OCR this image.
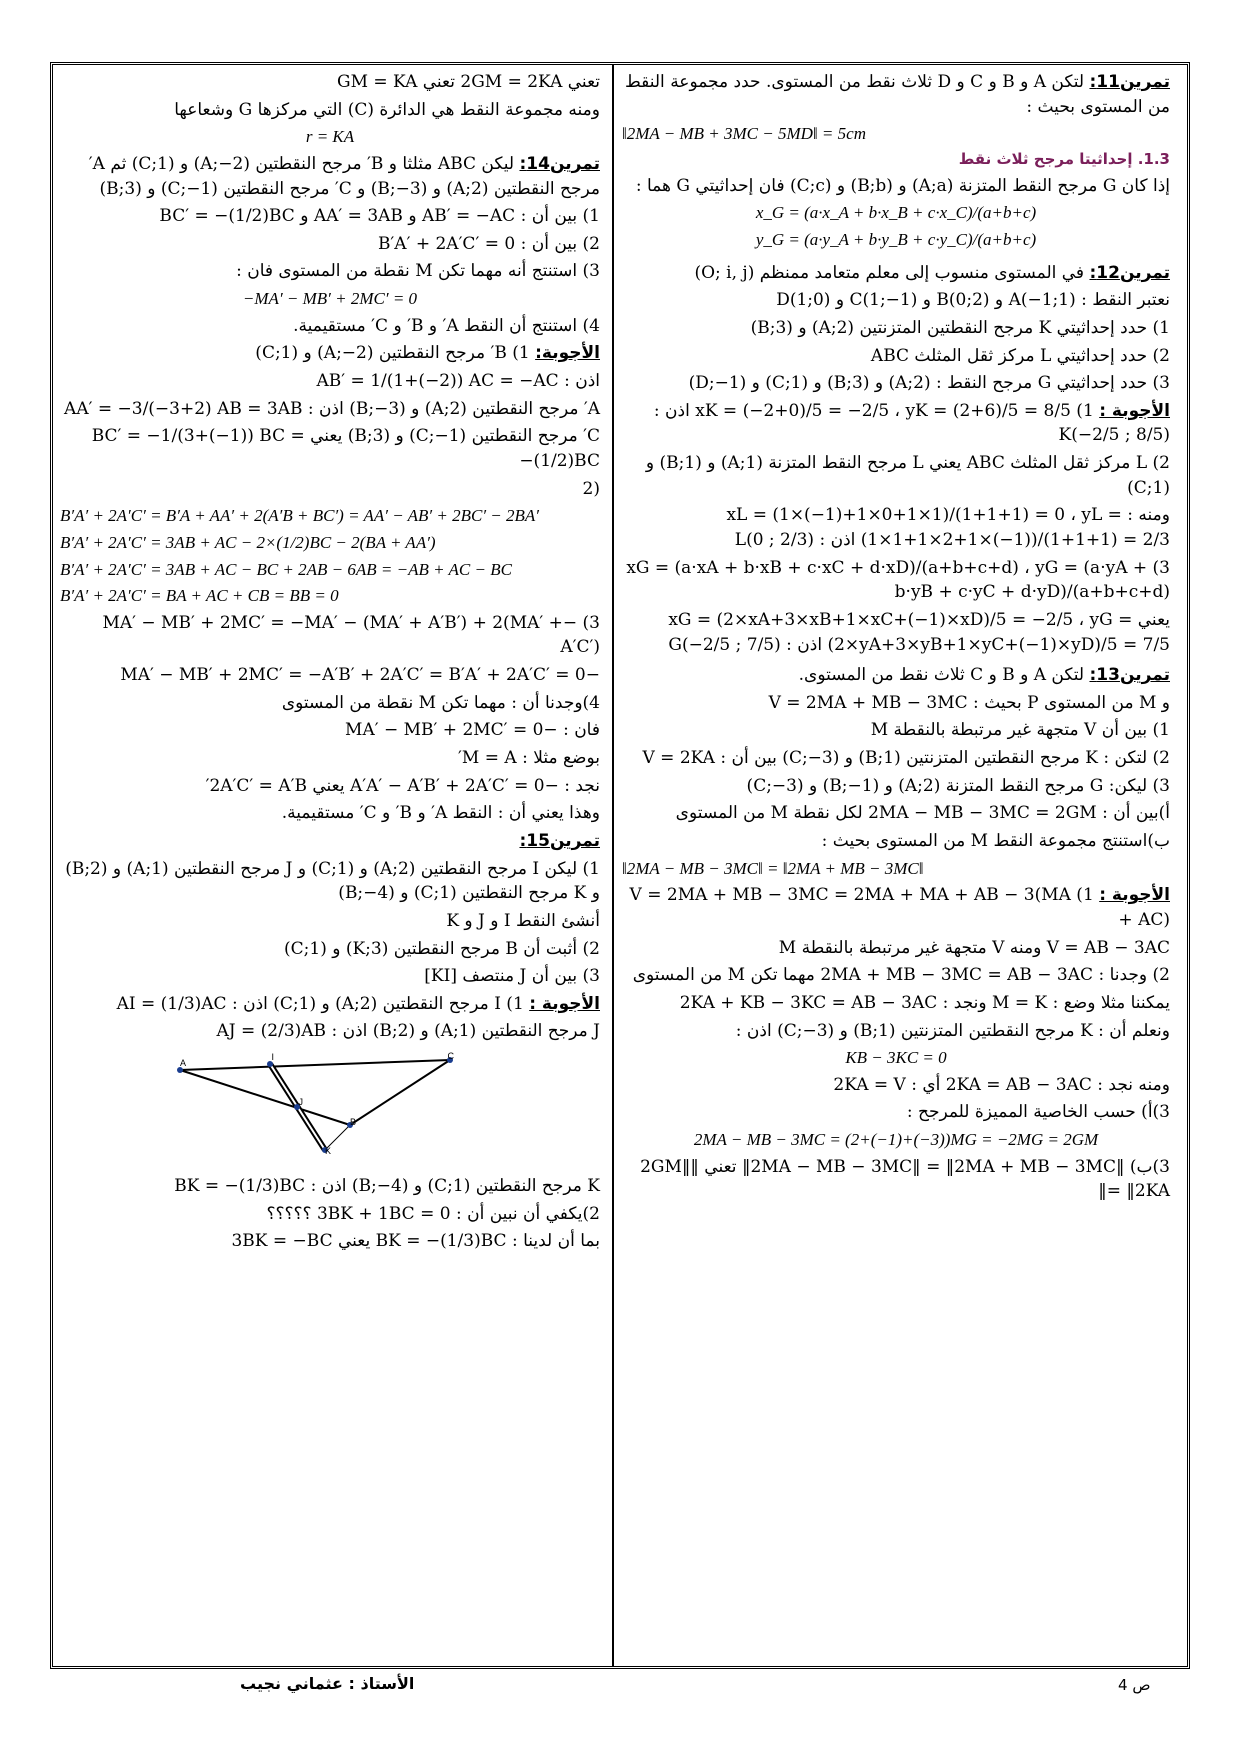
تمرين11: لتكن A و B و C و D ثلاث نقط من المستوى. حدد مجموعة النقط من المستوى بحيث :

‖2MA − MB + 3MC − 5MD‖ = 5cm

1.3. إحداثيتا مرجح ثلاث نقط

إذا كان G مرجح النقط المتزنة (A;a) و (B;b) و (C;c) فان إحداثيتي G هما :

x_G = (a·x_A + b·x_B + c·x_C)/(a+b+c)
y_G = (a·y_A + b·y_B + c·y_C)/(a+b+c)

تمرين12: في المستوى منسوب إلى معلم متعامد ممنظم (O; i, j)

نعتبر النقط : A(−1;1) و B(0;2) و C(1;−1) و D(1;0)

1) حدد إحداثيتي K مرجح النقطتين المتزنتين (A;2) و (B;3)

2) حدد إحداثيتي L مركز ثقل المثلث ABC

3) حدد إحداثيتي G مرجح النقط : (A;2) و (B;3) و (C;1) و (D;−1)

الأجوبة : 1) xK = (−2+0)/5 = −2/5 ، yK = (2+6)/5 = 8/5 اذن : K(−2/5 ; 8/5)

2) L مركز ثقل المثلث ABC يعني L مرجح النقط المتزنة (A;1) و (B;1) و (C;1)

ومنه : xL = (1×(−1)+1×0+1×1)/(1+1+1) = 0 ، yL = (1×1+1×2+1×(−1))/(1+1+1) = 2/3 اذن : L(0 ; 2/3)

3) xG = (a·xA + b·xB + c·xC + d·xD)/(a+b+c+d) ، yG = (a·yA + b·yB + c·yC + d·yD)/(a+b+c+d)

يعني xG = (2×xA+3×xB+1×xC+(−1)×xD)/5 = −2/5 ، yG = (2×yA+3×yB+1×yC+(−1)×yD)/5 = 7/5 اذن : G(−2/5 ; 7/5)

تمرين13: لتكن A و B و C ثلاث نقط من المستوى.

و M من المستوى P بحيث : V = 2MA + MB − 3MC

1) بين أن V متجهة غير مرتبطة بالنقطة M

2) لتكن : K مرجح النقطتين المتزنتين (B;1) و (C;−3) بين أن : V = 2KA

3) ليكن: G مرجح النقط المتزنة (A;2) و (B;−1) و (C;−3)

أ)بين أن : 2MA − MB − 3MC = 2GM لكل نقطة M من المستوى

ب)استنتج مجموعة النقط M من المستوى بحيث :

‖2MA − MB − 3MC‖ = ‖2MA + MB − 3MC‖

الأجوبة : 1) V = 2MA + MB − 3MC = 2MA + MA + AB − 3(MA + AC)

V = AB − 3AC ومنه V متجهة غير مرتبطة بالنقطة M

2) وجدنا : 2MA + MB − 3MC = AB − 3AC مهما تكن M من المستوى

يمكننا مثلا وضع : M = K ونجد : 2KA + KB − 3KC = AB − 3AC

ونعلم أن : K مرجح النقطتين المتزنتين (B;1) و (C;−3) اذن :

KB − 3KC = 0

ومنه نجد : 2KA = AB − 3AC أي : 2KA = V

3)أ) حسب الخاصية المميزة للمرجح :

2MA − MB − 3MC = (2+(−1)+(−3))MG = −2MG = 2GM

3)ب) ‖2MA − MB − 3MC‖ = ‖2MA + MB − 3MC‖ تعني ‖2GM‖ = ‖2KA‖

تعني 2GM = 2KA تعني GM = KA

ومنه مجموعة النقط هي الدائرة (C) التي مركزها G وشعاعها

r = KA

تمرين14: ليكن ABC مثلثا و B′ مرجح النقطتين (A;−2) و (C;1) ثم A′ مرجح النقطتين (A;2) و (B;−3) و C′ مرجح النقطتين (C;−1) و (B;3)

1) بين أن : AB′ = −AC و AA′ = 3AB و BC′ = −(1/2)BC

2) بين أن : B′A′ + 2A′C′ = 0

3) استنتج أنه مهما تكن M نقطة من المستوى فان :

−MA′ − MB′ + 2MC′ = 0

4) استنتج أن النقط A′ و B′ و C′ مستقيمية.

الأجوبة: 1) B′ مرجح النقطتين (A;−2) و (C;1)

اذن : AB′ = 1/(1+(−2)) AC = −AC

A′ مرجح النقطتين (A;2) و (B;−3) اذن : AA′ = −3/(−3+2) AB = 3AB

C′ مرجح النقطتين (C;−1) و (B;3) يعني BC′ = −1/(3+(−1)) BC = −(1/2)BC

(2

B′A′ + 2A′C′ = B′A + AA′ + 2(A′B + BC′) = AA′ − AB′ + 2BC′ − 2BA′
B′A′ + 2A′C′ = 3AB + AC − 2×(1/2)BC − 2(BA + AA′)
B′A′ + 2A′C′ = 3AB + AC − BC + 2AB − 6AB = −AB + AC − BC
B′A′ + 2A′C′ = BA + AC + CB = BB = 0

3) −MA′ − MB′ + 2MC′ = −MA′ − (MA′ + A′B′) + 2(MA′ + A′C′)

−MA′ − MB′ + 2MC′ = −A′B′ + 2A′C′ = B′A′ + 2A′C′ = 0

4)وجدنا أن : مهما تكن M نقطة من المستوى

فان : −MA′ − MB′ + 2MC′ = 0

بوضع مثلا : M = A′

نجد : −A′A′ − A′B′ + 2A′C′ = 0 يعني 2A′C′ = A′B′

وهذا يعني أن : النقط A′ و B′ و C′ مستقيمية.

تمرين15:

1) ليكن I مرجح النقطتين (A;2) و (C;1) و J مرجح النقطتين (A;1) و (B;2) و K مرجح النقطتين (C;1) و (B;−4)

أنشئ النقط I و J و K

2) أثبت أن B مرجح النقطتين (K;3) و (C;1)

3) بين أن J منتصف [KI]

الأجوبة : 1) I مرجح النقطتين (A;2) و (C;1) اذن : AI = (1/3)AC

J مرجح النقطتين (A;1) و (B;2) اذن : AJ = (2/3)AB

A
I	C
J
B
K

K مرجح النقطتين (C;1) و (B;−4) اذن : BK = −(1/3)BC

2)يكفي أن نبين أن : 3BK + 1BC = 0 ؟؟؟؟؟

بما أن لدينا : BK = −(1/3)BC يعني 3BK = −BC

ص 4
الأستاذ : عثماني نجيب
